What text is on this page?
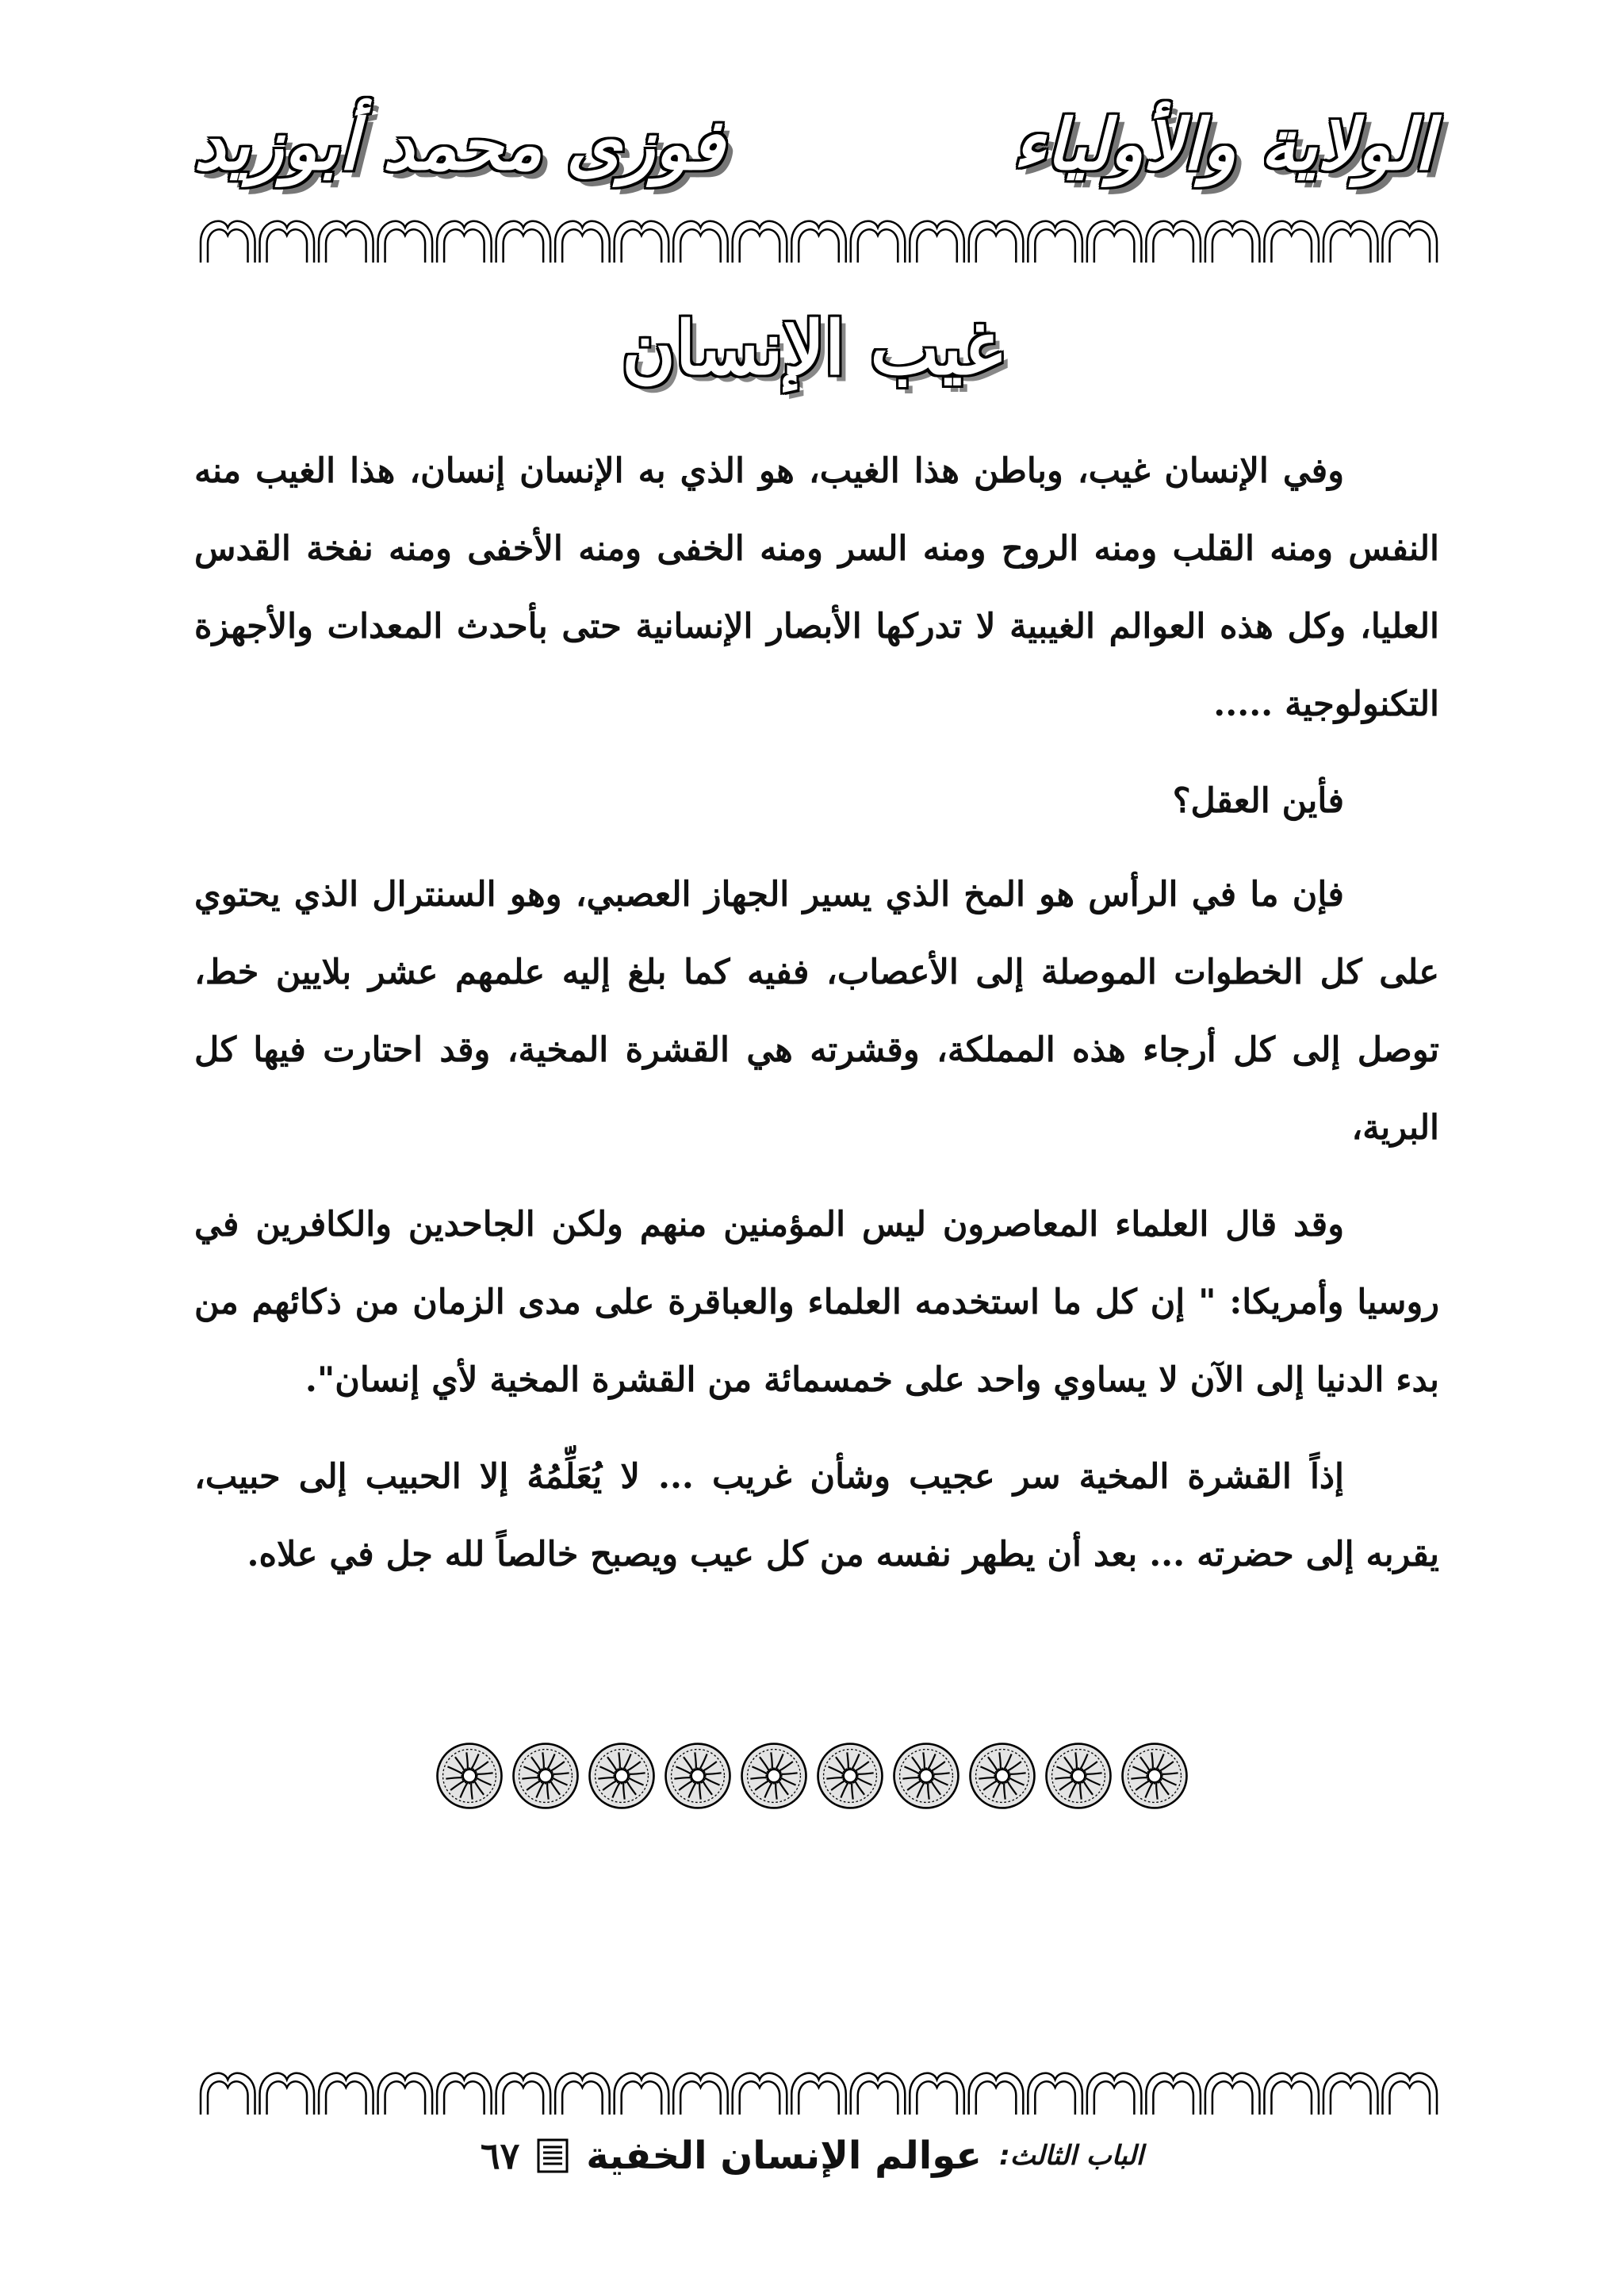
الولاية والأولياء
فوزى محمد أبوزيد
غيب الإنسان

وفي الإنسان غيب، وباطن هذا الغيب، هو الذي به الإنسان إنسان، هذا الغيب منه النفس ومنه القلب ومنه الروح ومنه السر ومنه الخفى ومنه الأخفى ومنه نفخة القدس العليا، وكل هذه العوالم الغيبية لا تدركها الأبصار الإنسانية حتى بأحدث المعدات والأجهزة التكنولوجية .....

فأين العقل؟

فإن ما في الرأس هو المخ الذي يسير الجهاز العصبي، وهو السنترال الذي يحتوي على كل الخطوات الموصلة إلى الأعصاب، ففيه كما بلغ إليه علمهم عشر بلايين خط، توصل إلى كل أرجاء هذه المملكة، وقشرته هي القشرة المخية، وقد احتارت فيها كل البرية،

وقد قال العلماء المعاصرون ليس المؤمنين منهم ولكن الجاحدين والكافرين في روسيا وأمريكا: " إن كل ما استخدمه العلماء والعباقرة على مدى الزمان من ذكائهم من بدء الدنيا إلى الآن لا يساوي واحد على خمسمائة من القشرة المخية لأي إنسان".

إذاً القشرة المخية سر عجيب وشأن غريب ... لا يُعَلِّمُهُ إلا الحبيب إلى حبيب، يقربه إلى حضرته ... بعد أن يطهر نفسه من كل عيب ويصبح خالصاً لله جل في علاه.

الباب الثالث:
عوالم الإنسان الخفية
٦٧
